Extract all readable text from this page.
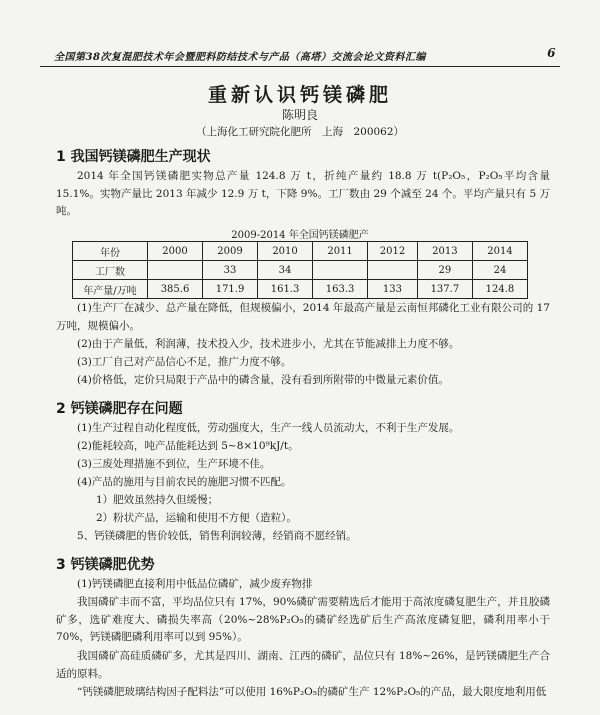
全国第38次复混肥技术年会暨肥料防结技术与产品（高塔）交流会论文资料汇编	6
重新认识钙镁磷肥
陈明良
（上海化工研究院化肥所　上海　200062）
1 我国钙镁磷肥生产现状
2014 年全国钙镁磷肥实物总产量 124.8 万 t，折纯产量约 18.8 万 t(P₂O₅，P₂O₅平均含量 15.1%。实物产量比 2013 年减少 12.9 万 t，下降 9%。工厂数由 29 个减至 24 个。平均产量只有 5 万吨。
2009-2014 年全国钙镁磷肥产
年份	2000	2009	2010	2011	2012	2013	2014
工厂数		33	34			29	24
年产量/万吨	385.6	171.9	161.3	163.3	133	137.7	124.8
(1)生产厂在减少、总产量在降低，但规模偏小，2014 年最高产量是云南恒邦磷化工业有限公司的 17 万吨，规模偏小。
(2)由于产量低，利润薄，技术投入少，技术进步小，尤其在节能减排上力度不够。
(3)工厂自己对产品信心不足，推广力度不够。
(4)价格低，定价只局限于产品中的磷含量，没有看到所附带的中微量元素价值。
2 钙镁磷肥存在问题
(1)生产过程自动化程度低，劳动强度大，生产一线人员流动大，不利于生产发展。
(2)能耗较高，吨产品能耗达到 5~8×10⁹kJ/t。
(3)三废处理措施不到位，生产环境不佳。
(4)产品的施用与目前农民的施肥习惯不匹配。
1）肥效虽然持久但缓慢；
2）粉状产品，运输和使用不方便（造粒）。
5、钙镁磷肥的售价较低，销售利润较薄，经销商不愿经销。
3 钙镁磷肥优势
(1)钙镁磷肥直接利用中低品位磷矿，减少废弃物排
我国磷矿丰而不富，平均品位只有 17%，90%磷矿需要精选后才能用于高浓度磷复肥生产，并且胶磷矿多，选矿难度大、磷损失率高（20%~28%P₂O₅的磷矿经选矿后生产高浓度磷复肥，磷利用率小于 70%，钙镁磷肥磷利用率可以到 95%）。
我国磷矿高硅质磷矿多，尤其是四川、湖南、江西的磷矿，品位只有 18%~26%，是钙镁磷肥生产合适的原料。
“钙镁磷肥玻璃结构因子配料法”可以使用 16%P₂O₅的磷矿生产 12%P₂O₅的产品，最大限度地利用低
